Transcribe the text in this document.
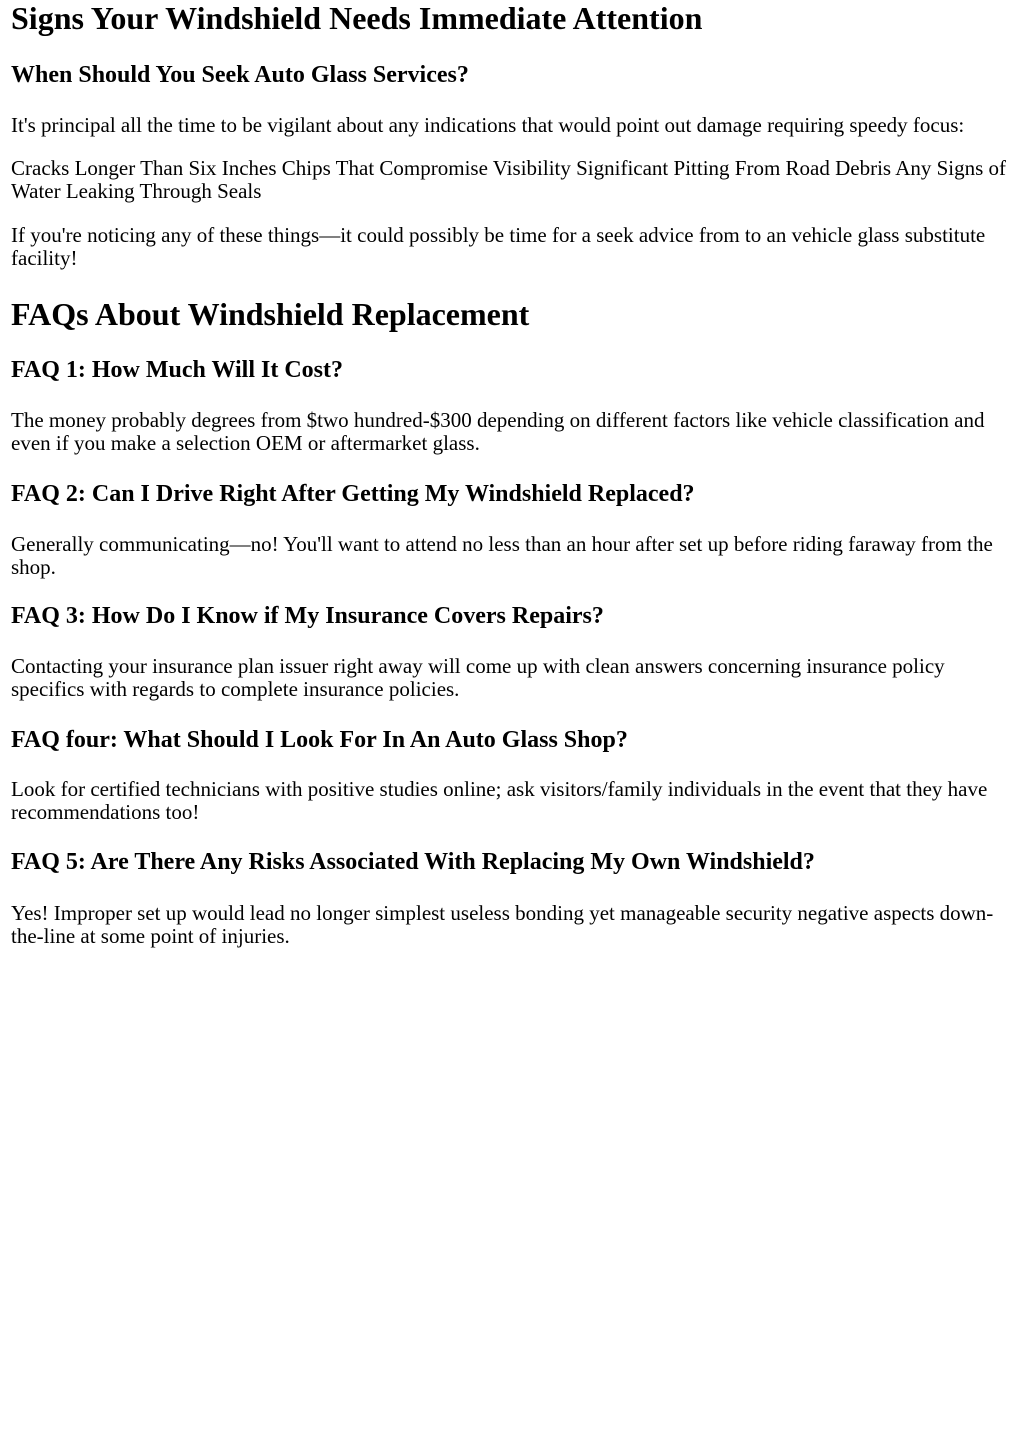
Signs Your Windshield Needs Immediate Attention
When Should You Seek Auto Glass Services?

It's principal all the time to be vigilant about any indications that would point out damage requiring speedy focus:

Cracks Longer Than Six Inches Chips That Compromise Visibility Significant Pitting From Road Debris Any Signs of Water Leaking Through Seals

If you're noticing any of these things—it could possibly be time for a seek advice from to an vehicle glass substitute facility!

FAQs About Windshield Replacement
FAQ 1: How Much Will It Cost?

The money probably degrees from $two hundred-$300 depending on different factors like vehicle classification and even if you make a selection OEM or aftermarket glass.

FAQ 2: Can I Drive Right After Getting My Windshield Replaced?

Generally communicating—no! You'll want to attend no less than an hour after set up before riding faraway from the shop.

FAQ 3: How Do I Know if My Insurance Covers Repairs?

Contacting your insurance plan issuer right away will come up with clean answers concerning insurance policy specifics with regards to complete insurance policies.

FAQ four: What Should I Look For In An Auto Glass Shop?

Look for certified technicians with positive studies online; ask visitors/family individuals in the event that they have recommendations too!

FAQ 5: Are There Any Risks Associated With Replacing My Own Windshield?

Yes! Improper set up would lead no longer simplest useless bonding yet manageable security negative aspects down-the-line at some point of injuries.
